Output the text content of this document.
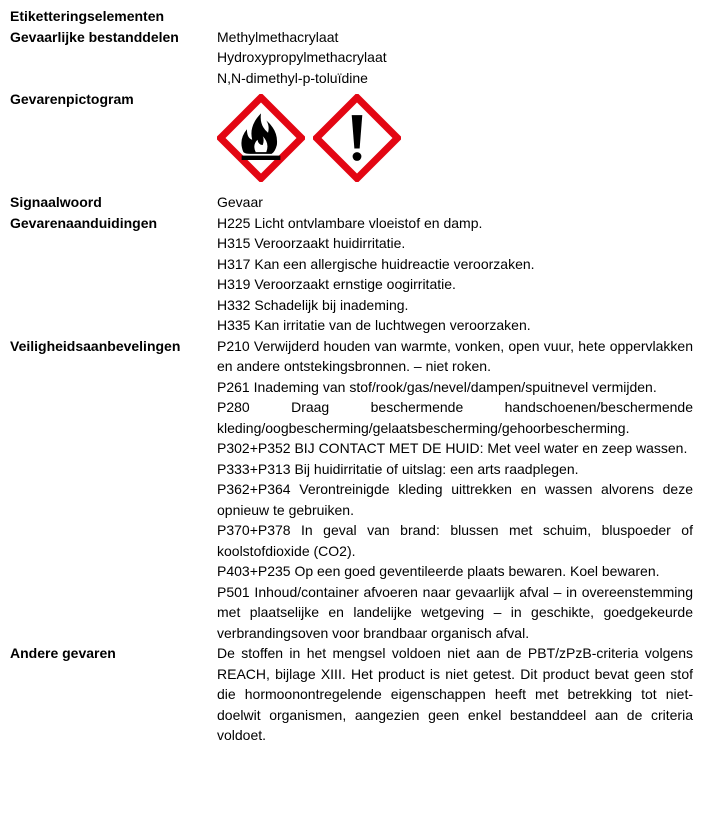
Etiketteringselementen
Gevaarlijke bestanddelen	Methylmethacrylaat
Hydroxypropylmethacrylaat
N,N-dimethyl-p-toluïdine
Gevarenpictogram
Signaalwoord	Gevaar
Gevarenaanduidingen	H225 Licht ontvlambare vloeistof en damp.
H315 Veroorzaakt huidirritatie.
H317 Kan een allergische huidreactie veroorzaken.
H319 Veroorzaakt ernstige oogirritatie.
H332 Schadelijk bij inademing.
H335 Kan irritatie van de luchtwegen veroorzaken.
Veiligheidsaanbevelingen	P210 Verwijderd houden van warmte, vonken, open vuur, hete oppervlakken en andere ontstekingsbronnen. – niet roken.
P261 Inademing van stof/rook/gas/nevel/dampen/spuitnevel vermijden.
P280 Draag beschermende handschoenen/beschermende kleding/oogbescherming/gelaatsbescherming/gehoorbescherming.
P302+P352 BIJ CONTACT MET DE HUID: Met veel water en zeep wassen.
P333+P313 Bij huidirritatie of uitslag: een arts raadplegen.
P362+P364 Verontreinigde kleding uittrekken en wassen alvorens deze opnieuw te gebruiken.
P370+P378 In geval van brand: blussen met schuim, bluspoeder of koolstofdioxide (CO2).
P403+P235 Op een goed geventileerde plaats bewaren. Koel bewaren.
P501 Inhoud/container afvoeren naar gevaarlijk afval – in overeenstemming met plaatselijke en landelijke wetgeving – in geschikte, goedgekeurde verbrandingsoven voor brandbaar organisch afval.
Andere gevaren	De stoffen in het mengsel voldoen niet aan de PBT/zPzB-criteria volgens REACH, bijlage XIII. Het product is niet getest. Dit product bevat geen stof die hormoonontregelende eigenschappen heeft met betrekking tot niet-doelwit organismen, aangezien geen enkel bestanddeel aan de criteria voldoet.
